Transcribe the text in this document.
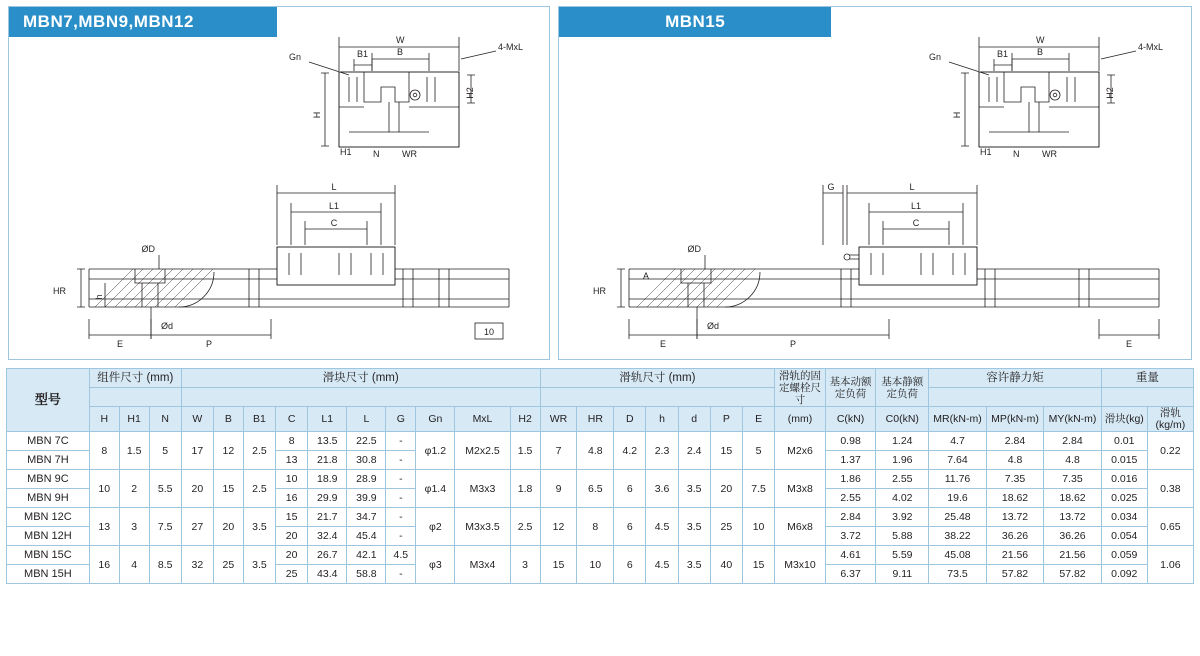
MBN7,MBN9,MBN12
Gn
4-MxL
B1	B
W
H
H1
H2
N	WR
L
L1
C
ØD
Ød
HR
h
E	P
10
MBN15
Gn
4-MxL
B1	B
W
H
H1
H2
N	WR
L
L1
C
G
ØD
Ød
HR
A
E	P	E
型号	组件尺寸 (mm)			滑块尺寸 (mm)										滑轨尺寸 (mm)							滑轨的固定螺栓尺寸	基本动额定负荷	基本静额定负荷	容许静力矩			重量	

	H	H1	N	W	B	B1	C	L1	L	G	Gn	MxL	H2	WR	HR	D	h	d	P	E	(mm)	C(kN)	C0(kN)	MR(kN-m)	MP(kN-m)	MY(kN-m)	滑块(kg)	滑轨(kg/m)
MBN 7C	8	1.5	5	17	12	2.5	8	13.5	22.5	-	φ1.2	M2x2.5	1.5	7	4.8	4.2	2.3	2.4	15	5	M2x6	0.98	1.24	4.7	2.84	2.84	0.01	0.22
MBN 7H							13	21.8	30.8	-												1.37	1.96	7.64	4.8	4.8	0.015	
MBN 9C	10	2	5.5	20	15	2.5	10	18.9	28.9	-	φ1.4	M3x3	1.8	9	6.5	6	3.6	3.5	20	7.5	M3x8	1.86	2.55	11.76	7.35	7.35	0.016	0.38
MBN 9H							16	29.9	39.9	-												2.55	4.02	19.6	18.62	18.62	0.025	
MBN 12C	13	3	7.5	27	20	3.5	15	21.7	34.7	-	φ2	M3x3.5	2.5	12	8	6	4.5	3.5	25	10	M6x8	2.84	3.92	25.48	13.72	13.72	0.034	0.65
MBN 12H							20	32.4	45.4	-												3.72	5.88	38.22	36.26	36.26	0.054	
MBN 15C	16	4	8.5	32	25	3.5	20	26.7	42.1	4.5	φ3	M3x4	3	15	10	6	4.5	3.5	40	15	M3x10	4.61	5.59	45.08	21.56	21.56	0.059	1.06
MBN 15H							25	43.4	58.8	-												6.37	9.11	73.5	57.82	57.82	0.092	
